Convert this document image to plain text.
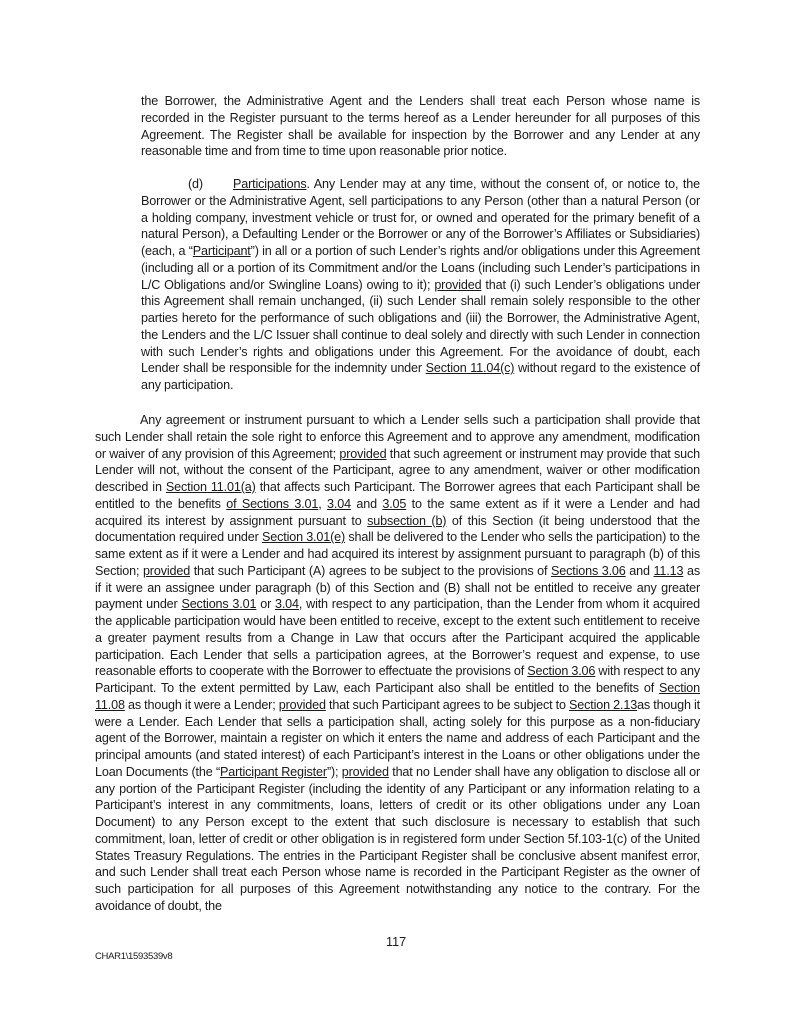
the Borrower, the Administrative Agent and the Lenders shall treat each Person whose name is recorded in the Register pursuant to the terms hereof as a Lender hereunder for all purposes of this Agreement. The Register shall be available for inspection by the Borrower and any Lender at any reasonable time and from time to time upon reasonable prior notice.

(d) Participations. Any Lender may at any time, without the consent of, or notice to, the Borrower or the Administrative Agent, sell participations to any Person (other than a natural Person (or a holding company, investment vehicle or trust for, or owned and operated for the primary benefit of a natural Person), a Defaulting Lender or the Borrower or any of the Borrower’s Affiliates or Subsidiaries) (each, a “Participant”) in all or a portion of such Lender’s rights and/or obligations under this Agreement (including all or a portion of its Commitment and/or the Loans (including such Lender’s participations in L/C Obligations and/or Swingline Loans) owing to it); provided that (i) such Lender’s obligations under this Agreement shall remain unchanged, (ii) such Lender shall remain solely responsible to the other parties hereto for the performance of such obligations and (iii) the Borrower, the Administrative Agent, the Lenders and the L/C Issuer shall continue to deal solely and directly with such Lender in connection with such Lender’s rights and obligations under this Agreement. For the avoidance of doubt, each Lender shall be responsible for the indemnity under Section 11.04(c) without regard to the existence of any participation.

Any agreement or instrument pursuant to which a Lender sells such a participation shall provide that such Lender shall retain the sole right to enforce this Agreement and to approve any amendment, modification or waiver of any provision of this Agreement; provided that such agreement or instrument may provide that such Lender will not, without the consent of the Participant, agree to any amendment, waiver or other modification described in Section 11.01(a) that affects such Participant. The Borrower agrees that each Participant shall be entitled to the benefits of Sections 3.01, 3.04 and 3.05 to the same extent as if it were a Lender and had acquired its interest by assignment pursuant to subsection (b) of this Section (it being understood that the documentation required under Section 3.01(e) shall be delivered to the Lender who sells the participation) to the same extent as if it were a Lender and had acquired its interest by assignment pursuant to paragraph (b) of this Section; provided that such Participant (A) agrees to be subject to the provisions of Sections 3.06 and 11.13 as if it were an assignee under paragraph (b) of this Section and (B) shall not be entitled to receive any greater payment under Sections 3.01 or 3.04, with respect to any participation, than the Lender from whom it acquired the applicable participation would have been entitled to receive, except to the extent such entitlement to receive a greater payment results from a Change in Law that occurs after the Participant acquired the applicable participation. Each Lender that sells a participation agrees, at the Borrower’s request and expense, to use reasonable efforts to cooperate with the Borrower to effectuate the provisions of Section 3.06 with respect to any Participant. To the extent permitted by Law, each Participant also shall be entitled to the benefits of Section 11.08 as though it were a Lender; provided that such Participant agrees to be subject to Section 2.13as though it were a Lender. Each Lender that sells a participation shall, acting solely for this purpose as a non-fiduciary agent of the Borrower, maintain a register on which it enters the name and address of each Participant and the principal amounts (and stated interest) of each Participant’s interest in the Loans or other obligations under the Loan Documents (the “Participant Register”); provided that no Lender shall have any obligation to disclose all or any portion of the Participant Register (including the identity of any Participant or any information relating to a Participant’s interest in any commitments, loans, letters of credit or its other obligations under any Loan Document) to any Person except to the extent that such disclosure is necessary to establish that such commitment, loan, letter of credit or other obligation is in registered form under Section 5f.103-1(c) of the United States Treasury Regulations. The entries in the Participant Register shall be conclusive absent manifest error, and such Lender shall treat each Person whose name is recorded in the Participant Register as the owner of such participation for all purposes of this Agreement notwithstanding any notice to the contrary. For the avoidance of doubt, the

117
CHAR1\1593539v8
